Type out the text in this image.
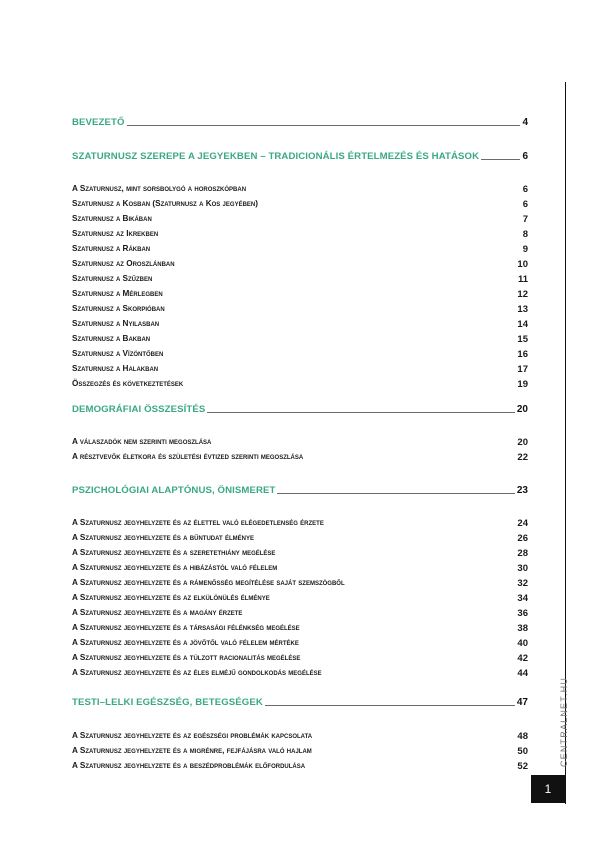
BEVEZETŐ	4
SZATURNUSZ SZEREPE A JEGYEKBEN – TRADICIONÁLIS ÉRTELMEZÉS ÉS HATÁSOK	6
A Szaturnusz, mint sorsbolygó a horoszkópban	6
Szaturnusz a Kosban (Szaturnusz a Kos jegyében)	6
Szaturnusz a Bikában	7
Szaturnusz az Ikrekben	8
Szaturnusz a Rákban	9
Szaturnusz az Oroszlánban	10
Szaturnusz a Szűzben	11
Szaturnusz a Mérlegben	12
Szaturnusz a Skorpióban	13
Szaturnusz a Nyilasban	14
Szaturnusz a Bakban	15
Szaturnusz a Vízöntőben	16
Szaturnusz a Halakban	17
Összegzés és következtetések	19
DEMOGRÁFIAI ÖSSZESÍTÉS	20
A válaszadók nem szerinti megoszlása	20
A résztvevők életkora és születési évtized szerinti megoszlása	22
PSZICHOLÓGIAI ALAPTÓNUS, ÖNISMERET	23
A Szaturnusz jegyhelyzete és az élettel való elégedetlenség érzete	24
A Szaturnusz jegyhelyzete és a bűntudat élménye	26
A Szaturnusz jegyhelyzete és a szeretethiány megélése	28
A Szaturnusz jegyhelyzete és a hibázástól való félelem	30
A Szaturnusz jegyhelyzete és a rámenősség megítélése saját szemszögből	32
A Szaturnusz jegyhelyzete és az elkülönülés élménye	34
A Szaturnusz jegyhelyzete és a magány érzete	36
A Szaturnusz jegyhelyzete és a társasági félénkség megélése	38
A Szaturnusz jegyhelyzete és a jövőtől való félelem mértéke	40
A Szaturnusz jegyhelyzete és a túlzott racionalitás megélése	42
A Szaturnusz jegyhelyzete és az éles elméjű gondolkodás megélése	44
TESTI–LELKI EGÉSZSÉG, BETEGSÉGEK	47
A Szaturnusz jegyhelyzete és az egészségi problémák kapcsolata	48
A Szaturnusz jegyhelyzete és a migrénre, fejfájásra való hajlam	50
A Szaturnusz jegyhelyzete és a beszédproblémák előfordulása	52	CENTRALNET.HU
1
